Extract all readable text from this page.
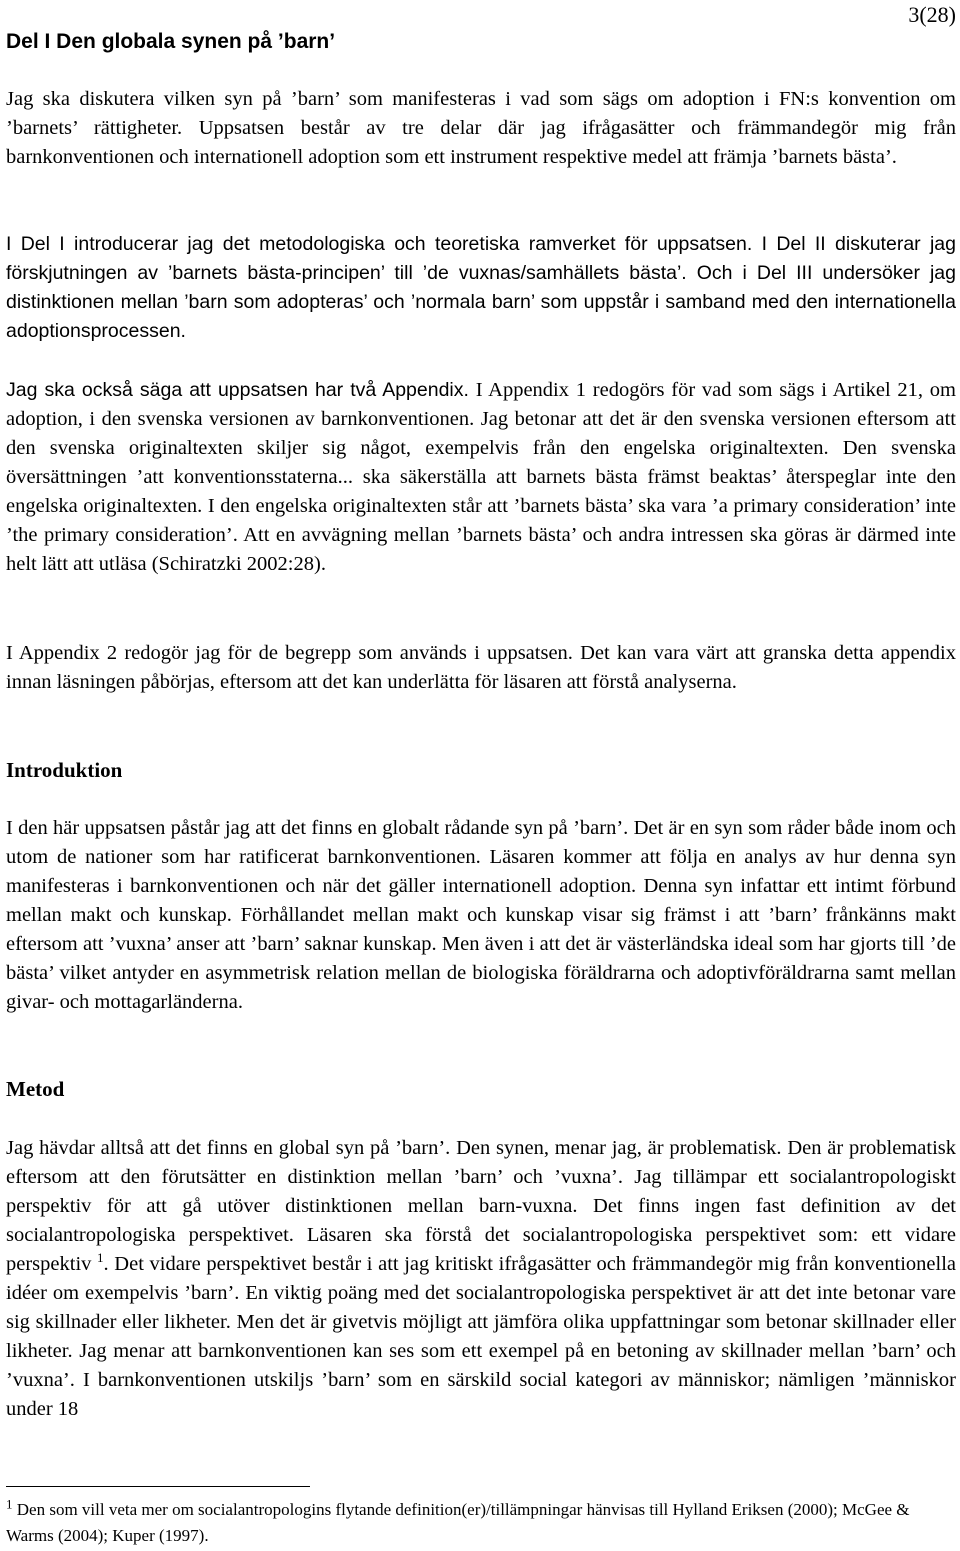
3(28)
Del I Den globala synen på ’barn’

Jag ska diskutera vilken syn på ’barn’ som manifesteras i vad som sägs om adoption i FN:s konvention om ’barnets’ rättigheter. Uppsatsen består av tre delar där jag ifrågasätter och främmandegör mig från barnkonventionen och internationell adoption som ett instrument respektive medel att främja ’barnets bästa’.

I Del I introducerar jag det metodologiska och teoretiska ramverket för uppsatsen. I Del II diskuterar jag förskjutningen av ’barnets bästa-principen’ till ’de vuxnas/samhällets bästa’. Och i Del III undersöker jag distinktionen mellan ’barn som adopteras’ och ’normala barn’ som uppstår i samband med den internationella adoptionsprocessen.

Jag ska också säga att uppsatsen har två Appendix. I Appendix 1 redogörs för vad som sägs i Artikel 21, om adoption, i den svenska versionen av barnkonventionen. Jag betonar att det är den svenska versionen eftersom att den svenska originaltexten skiljer sig något, exempelvis från den engelska originaltexten. Den svenska översättningen ’att konventionsstaterna... ska säkerställa att barnets bästa främst beaktas’ återspeglar inte den engelska originaltexten. I den engelska originaltexten står att ’barnets bästa’ ska vara ’a primary consideration’ inte ’the primary consideration’. Att en avvägning mellan ’barnets bästa’ och andra intressen ska göras är därmed inte helt lätt att utläsa (Schiratzki 2002:28).

I Appendix 2 redogör jag för de begrepp som används i uppsatsen. Det kan vara värt att granska detta appendix innan läsningen påbörjas, eftersom att det kan underlätta för läsaren att förstå analyserna.

Introduktion

I den här uppsatsen påstår jag att det finns en globalt rådande syn på ’barn’. Det är en syn som råder både inom och utom de nationer som har ratificerat barnkonventionen. Läsaren kommer att följa en analys av hur denna syn manifesteras i barnkonventionen och när det gäller internationell adoption. Denna syn infattar ett intimt förbund mellan makt och kunskap. Förhållandet mellan makt och kunskap visar sig främst i att ’barn’ frånkänns makt eftersom att ’vuxna’ anser att ’barn’ saknar kunskap. Men även i att det är västerländska ideal som har gjorts till ’de bästa’ vilket antyder en asymmetrisk relation mellan de biologiska föräldrarna och adoptivföräldrarna samt mellan givar- och mottagarländerna.

Metod

Jag hävdar alltså att det finns en global syn på ’barn’. Den synen, menar jag, är problematisk. Den är problematisk eftersom att den förutsätter en distinktion mellan ’barn’ och ’vuxna’. Jag tillämpar ett socialantropologiskt perspektiv för att gå utöver distinktionen mellan barn-vuxna. Det finns ingen fast definition av det socialantropologiska perspektivet. Läsaren ska förstå det socialantropologiska perspektivet som: ett vidare perspektiv $^1$. Det vidare perspektivet består i att jag kritiskt ifrågasätter och främmandegör mig från konventionella idéer om exempelvis ’barn’. En viktig poäng med det socialantropologiska perspektivet är att det inte betonar vare sig skillnader eller likheter. Men det är givetvis möjligt att jämföra olika uppfattningar som betonar skillnader eller likheter. Jag menar att barnkonventionen kan ses som ett exempel på en betoning av skillnader mellan ’barn’ och ’vuxna’. I barnkonventionen utskiljs ’barn’ som en särskild social kategori av människor; nämligen ’människor under 18

$^1$ Den som vill veta mer om socialantropologins flytande definition(er)/tillämpningar hänvisas till Hylland Eriksen (2000); McGee & Warms (2004); Kuper (1997).
